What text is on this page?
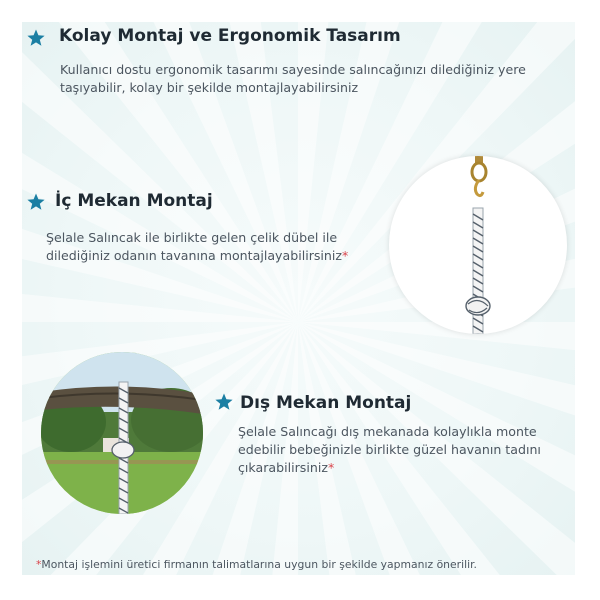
Kolay Montaj ve Ergonomik Tasarım
Kullanıcı dostu ergonomik tasarımı sayesinde salıncağınızı dilediğiniz yere
taşıyabilir, kolay bir şekilde montajlayabilirsiniz
İç Mekan Montaj
Şelale Salıncak ile birlikte gelen çelik dübel ile
dilediğiniz odanın tavanına montajlayabilirsiniz*
Dış Mekan Montaj
Şelale Salıncağı dış mekanada kolaylıkla monte
edebilir bebeğinizle birlikte güzel havanın tadını
çıkarabilirsiniz*
*Montaj işlemini üretici firmanın talimatlarına uygun bir şekilde yapmanız önerilir.
